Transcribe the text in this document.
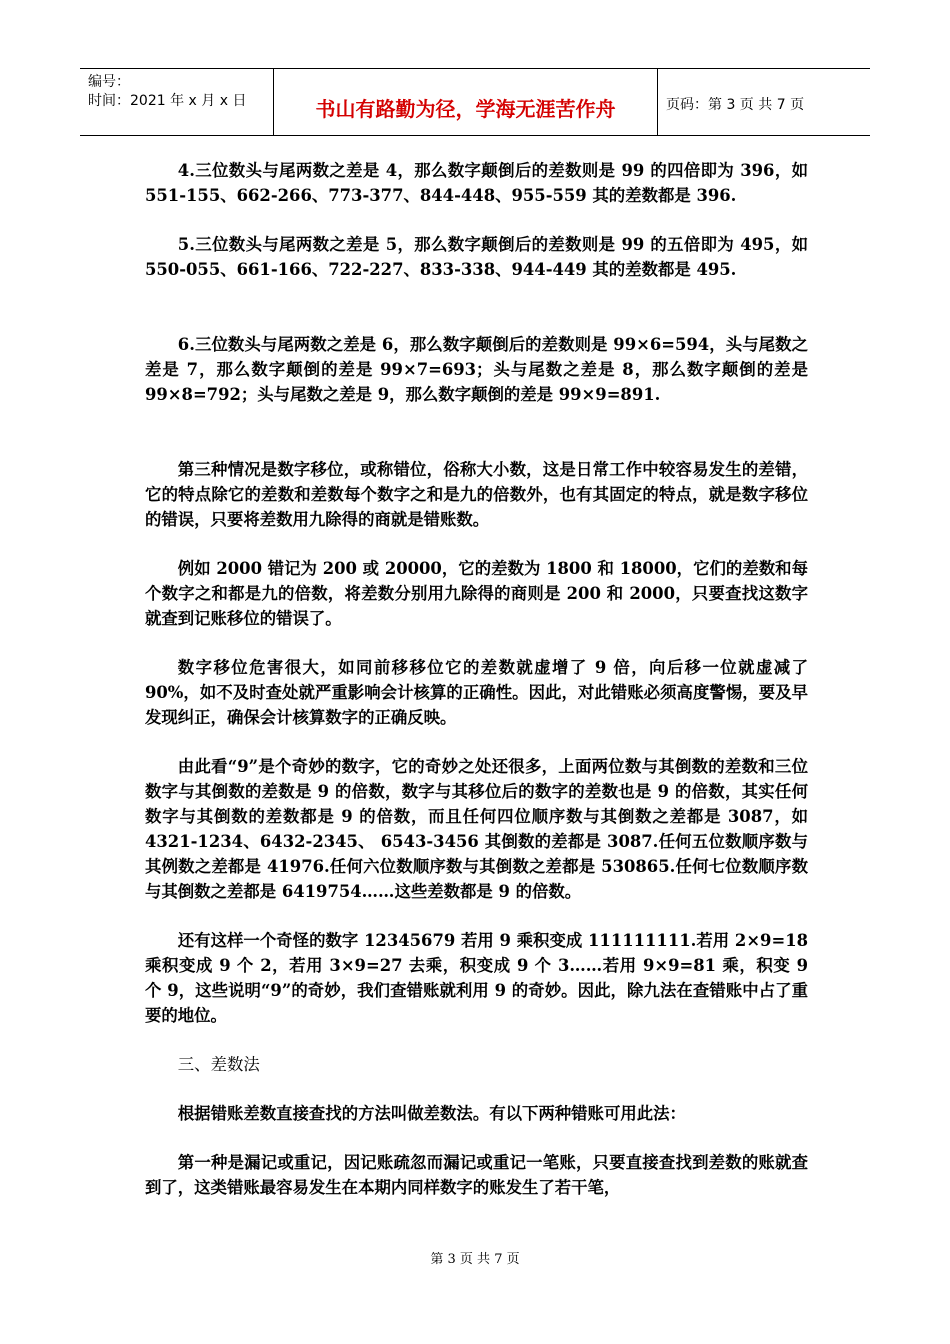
编号：
时间：2021 年 x 月 x 日	书山有路勤为径，学海无涯苦作舟	页码：第 3 页 共 7 页

4.三位数头与尾两数之差是 4，那么数字颠倒后的差数则是 99 的四倍即为 396，如 551-155、662-266、773-377、844-448、955-559 其的差数都是 396.

5.三位数头与尾两数之差是 5，那么数字颠倒后的差数则是 99 的五倍即为 495，如 550-055、661-166、722-227、833-338、944-449 其的差数都是 495.

6.三位数头与尾两数之差是 6，那么数字颠倒后的差数则是 99×6=594，头与尾数之差是 7，那么数字颠倒的差是 99×7=693；头与尾数之差是 8，那么数字颠倒的差是 99×8=792；头与尾数之差是 9，那么数字颠倒的差是 99×9=891.

第三种情况是数字移位，或称错位，俗称大小数，这是日常工作中较容易发生的差错，它的特点除它的差数和差数每个数字之和是九的倍数外，也有其固定的特点，就是数字移位的错误，只要将差数用九除得的商就是错账数。

例如 2000 错记为 200 或 20000，它的差数为 1800 和 18000，它们的差数和每个数字之和都是九的倍数，将差数分别用九除得的商则是 200 和 2000，只要查找这数字就查到记账移位的错误了。

数字移位危害很大，如同前移移位它的差数就虚增了 9 倍，向后移一位就虚减了 90%，如不及时查处就严重影响会计核算的正确性。因此，对此错账必须高度警惕，要及早发现纠正，确保会计核算数字的正确反映。

由此看“9”是个奇妙的数字，它的奇妙之处还很多，上面两位数与其倒数的差数和三位数字与其倒数的差数是 9 的倍数，数字与其移位后的数字的差数也是 9 的倍数，其实任何数字与其倒数的差数都是 9 的倍数，而且任何四位顺序数与其倒数之差都是 3087，如 4321-1234、6432-2345、 6543-3456 其倒数的差都是 3087.任何五位数顺序数与其例数之差都是 41976.任何六位数顺序数与其倒数之差都是 530865.任何七位数顺序数与其倒数之差都是 6419754……这些差数都是 9 的倍数。

还有这样一个奇怪的数字 12345679 若用 9 乘积变成 111111111.若用 2×9=18 乘积变成 9 个 2，若用 3×9=27 去乘，积变成 9 个 3……若用 9×9=81 乘，积变 9 个 9，这些说明“9”的奇妙，我们查错账就利用 9 的奇妙。因此，除九法在查错账中占了重要的地位。

三、差数法

根据错账差数直接查找的方法叫做差数法。有以下两种错账可用此法：

第一种是漏记或重记，因记账疏忽而漏记或重记一笔账，只要直接查找到差数的账就查到了，这类错账最容易发生在本期内同样数字的账发生了若干笔，

第 3 页 共 7 页
